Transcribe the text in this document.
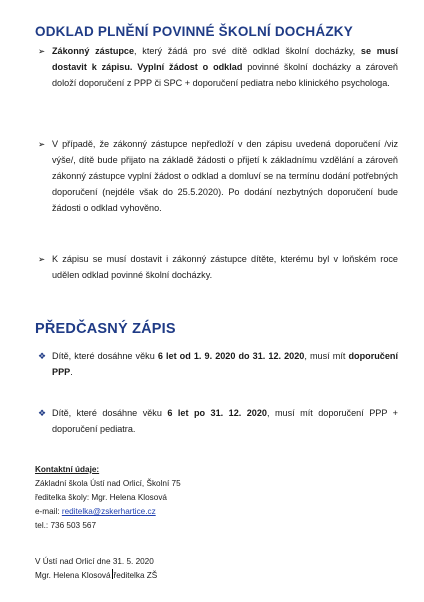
ODKLAD PLNĚNÍ POVINNÉ ŠKOLNÍ DOCHÁZKY
➢ Zákonný zástupce, který žádá pro své dítě odklad školní docházky, se musí dostavit k zápisu. Vyplní žádost o odklad povinné školní docházky a zároveň doloží doporučení z PPP či SPC + doporučení pediatra nebo klinického psychologa.
➢ V případě, že zákonný zástupce nepředloží v den zápisu uvedená doporučení /viz výše/, dítě bude přijato na základě žádosti o přijetí k základnímu vzdělání a zároveň zákonný zástupce vyplní žádost o odklad a domluví se na termínu dodání potřebných doporučení (nejdéle však do 25.5.2020). Po dodání nezbytných doporučení bude žádosti o odklad vyhověno.
➢ K zápisu se musí dostavit i zákonný zástupce dítěte, kterému byl v loňském roce udělen odklad povinné školní docházky.
PŘEDČASNÝ ZÁPIS
❖ Dítě, které dosáhne věku 6 let od 1. 9. 2020 do 31. 12. 2020, musí mít doporučení PPP.
❖ Dítě, které dosáhne věku 6 let po 31. 12. 2020, musí mít doporučení PPP + doporučení pediatra.
Kontaktní údaje:
Základní škola Ústí nad Orlicí, Školní 75
ředitelka školy: Mgr. Helena Klosová
e-mail: reditelka@zskerhartice.cz
tel.: 736 503 567
V Ústí nad Orlicí dne 31. 5. 2020
Mgr. Helena Klosová ředitelka ZŠ
